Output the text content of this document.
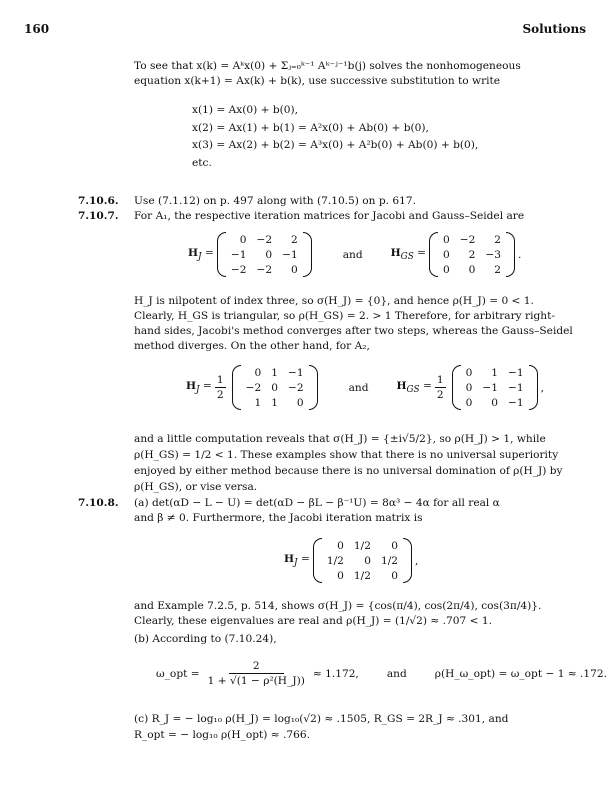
160	Solutions
To see that x(k) = Aᵏx(0) + Σⱼ₌₀ᵏ⁻¹ Aᵏ⁻ʲ⁻¹b(j) solves the nonhomogeneous
equation x(k+1) = Ax(k) + b(k), use successive substitution to write
x(1) = Ax(0) + b(0),
x(2) = Ax(1) + b(1) = A²x(0) + Ab(0) + b(0),
x(3) = Ax(2) + b(2) = A³x(0) + A²b(0) + Ab(0) + b(0),
etc.
7.10.6. Use (7.1.12) on p. 497 along with (7.10.5) on p. 617.
7.10.7. For A₁, the respective iteration matrices for Jacobi and Gauss–Seidel are
$H_J$ =
0	−2	2
−1	0	−1
−2	−2	0
and	$H_{GS}$ =
0	−2	2
0	2	−3
0	0	2
.
H_J is nilpotent of index three, so σ(H_J) = {0}, and hence ρ(H_J) = 0 < 1.
Clearly, H_GS is triangular, so ρ(H_GS) = 2. > 1 Therefore, for arbitrary right-
hand sides, Jacobi's method converges after two steps, whereas the Gauss–Seidel
method diverges. On the other hand, for A₂,
$H_J = \frac{1}{2}$
0	1	−1
−2	0	−2
1	1	0
and	$H_{GS} = \frac{1}{2}$
0	1	−1
0	−1	−1
0	0	−1
,
and a little computation reveals that σ(H_J) = {±i√5/2}, so ρ(H_J) > 1, while
ρ(H_GS) = 1/2 < 1. These examples show that there is no universal superiority
enjoyed by either method because there is no universal domination of ρ(H_J) by
ρ(H_GS), or vise versa.
7.10.8. (a) det(αD − L − U) = det(αD − βL − β⁻¹U) = 8α³ − 4α for all real α
and β ≠ 0. Furthermore, the Jacobi iteration matrix is
$H_J$ =
0	1/2	0
1/2	0	1/2
0	1/2	0
,
and Example 7.2.5, p. 514, shows σ(H_J) = {cos(π/4), cos(2π/4), cos(3π/4)}.
Clearly, these eigenvalues are real and ρ(H_J) = (1/√2) ≈ .707 < 1.
(b) According to (7.10.24),
ω_opt = $\frac{2}{\text{1 + √(1 − ρ²(H\_J))}} \approx 1.172$,	and	ρ(H_ω_opt) = ω_opt − 1 ≈ .172.
(c) R_J = − log₁₀ ρ(H_J) = log₁₀(√2) ≈ .1505, R_GS = 2R_J ≈ .301, and
R_opt = − log₁₀ ρ(H_opt) ≈ .766.
